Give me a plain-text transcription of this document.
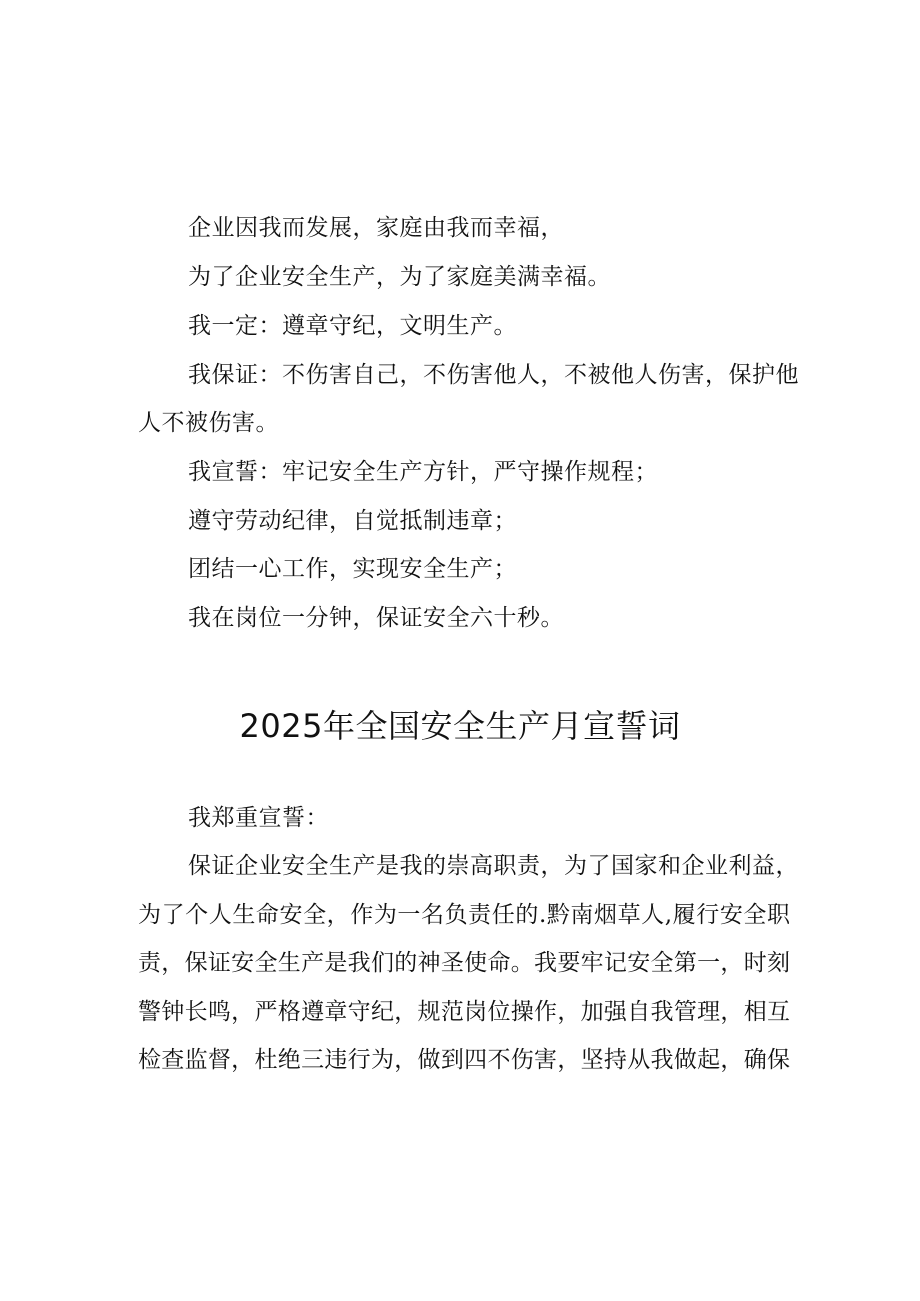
企业因我而发展，家庭由我而幸福，
为了企业安全生产，为了家庭美满幸福。
我一定：遵章守纪，文明生产。
我保证：不伤害自己，不伤害他人，不被他人伤害，保护他
人不被伤害。
我宣誓：牢记安全生产方针，严守操作规程；
遵守劳动纪律，自觉抵制违章；
团结一心工作，实现安全生产；
我在岗位一分钟，保证安全六十秒。
2025年全国安全生产月宣誓词
我郑重宣誓：
保证企业安全生产是我的崇高职责，为了国家和企业利益，
为了个人生命安全，作为一名负责任的.黔南烟草人,履行安全职
责，保证安全生产是我们的神圣使命。我要牢记安全第一，时刻
警钟长鸣，严格遵章守纪，规范岗位操作，加强自我管理，相互
检查监督，杜绝三违行为，做到四不伤害，坚持从我做起，确保
